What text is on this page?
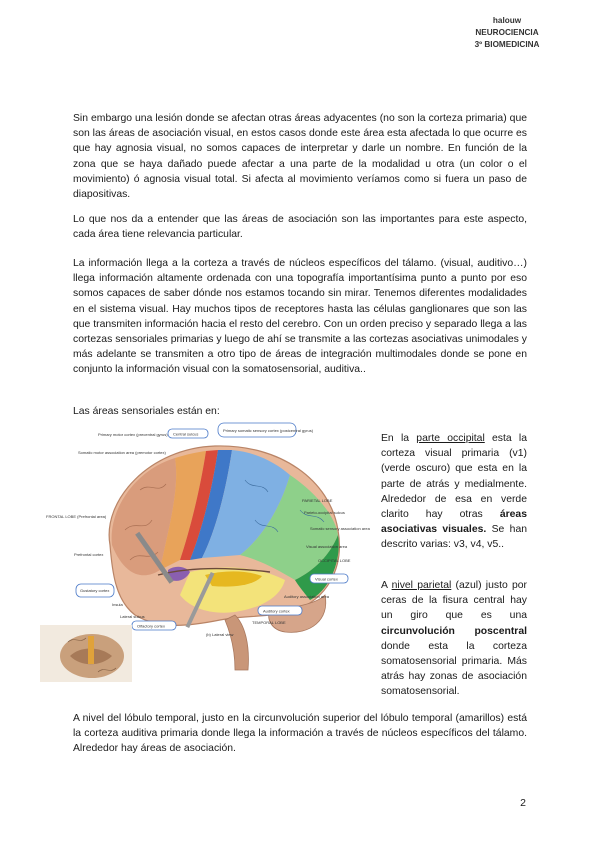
halouw
NEUROCIENCIA
3º BIOMEDICINA

Sin embargo una lesión donde se afectan otras áreas adyacentes (no son la corteza primaria) que son las áreas de asociación visual, en estos casos donde este área esta afectada lo que ocurre es que hay agnosia visual, no somos capaces de interpretar y darle un nombre. En función de la zona que se haya dañado puede afectar a una parte de la modalidad u otra (un color o el movimiento) ó agnosia visual total. Si afecta al movimiento veríamos como si fuera un paso de diapositivas.

Lo que nos da a entender que las áreas de asociación son las importantes para este aspecto, cada área tiene relevancia particular.

La información llega a la corteza a través de núcleos específicos del tálamo. (visual, auditivo…) llega información altamente ordenada con una topografía importantísima punto a punto por eso somos capaces de saber dónde nos estamos tocando sin mirar. Tenemos diferentes modalidades en el sistema visual. Hay muchos tipos de receptores hasta las células ganglionares que son las que transmiten información hacia el resto del cerebro. Con un orden preciso y separado llega a las cortezas sensoriales primarias y luego de ahí se transmite a las cortezas asociativas unimodales y más adelante se transmiten a otro tipo de áreas de integración multimodales donde se pone en conjunto la información visual con la somatosensorial, auditiva..

Las áreas sensoriales están en:

En la parte occipital esta la corteza visual primaria (v1) (verde oscuro) que esta en la parte de atrás y medialmente. Alrededor de esa en verde clarito hay otras áreas asociativas visuales. Se han descrito varias: v3, v4, v5..

A nivel parietal (azul) justo por ceras de la fisura central hay un giro que es una circunvolución poscentral donde esta la corteza somatosensorial primaria. Más atrás hay zonas de asociación somatosensorial.

Primary motor cortex (precentral gyrus) Central sulcus
Primary somatic sensory cortex (postcentral gyrus)
Somatic motor association area (premotor cortex)
PARIETAL LOBE
Parieto-occipital sulcus
FRONTAL LOBE (Prefrontal area)
Somatic sensory association area
Visual association area
Prefrontal cortex
OCCIPITAL LOBE
Visual cortex
Gustatory cortex
Auditory association area
Insula
Auditory cortex
Lateral sulcus
TEMPORAL LOBE
Olfactory cortex
(b) Lateral view

A nivel del lóbulo temporal, justo en la circunvolución superior del lóbulo temporal (amarillos) está la corteza auditiva primaria donde llega la información a través de núcleos específicos del tálamo. Alrededor hay áreas de asociación.

2
